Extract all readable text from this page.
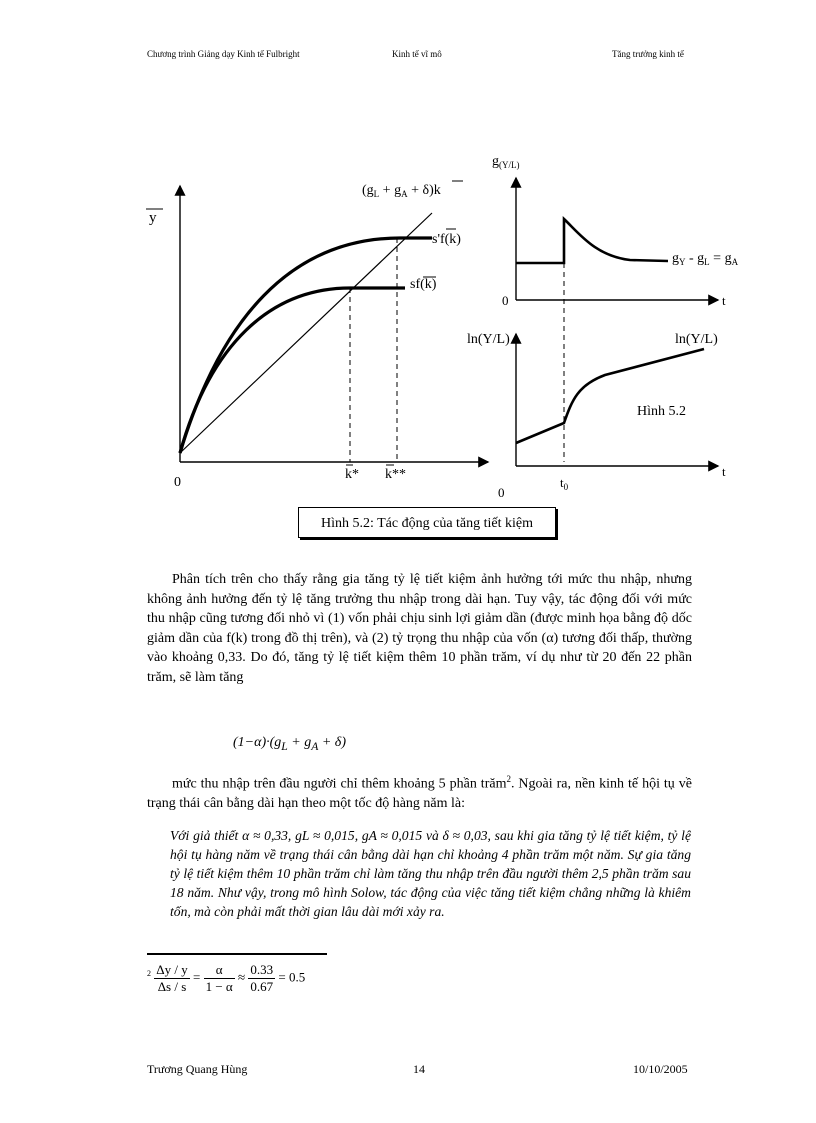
Chương trình Giảng dạy Kinh tế Fulbright	Kinh tế vĩ mô	Tăng trưởng kinh tế
y
0
$(g_L + g_A + \delta)k$
s'f(k)
sf(k)
k* k**
$g_{(Y/L)}$
$g_Y - g_L = g_A$
0	t
ln(Y/L)	ln(Y/L)
Hình 5.2
0
t
$t_0$
Hình 5.2: Tác động của tăng tiết kiệm

Phân tích trên cho thấy rằng gia tăng tỷ lệ tiết kiệm ảnh hưởng tới mức thu nhập, nhưng không ảnh hưởng đến tỷ lệ tăng trưởng thu nhập trong dài hạn. Tuy vậy, tác động đối với mức thu nhập cũng tương đối nhỏ vì (1) vốn phải chịu sinh lợi giảm dần (được minh họa bằng độ dốc giảm dần của f(k) trong đồ thị trên), và (2) tỷ trọng thu nhập của vốn (α) tương đối thấp, thường vào khoảng 0,33. Do đó, tăng tỷ lệ tiết kiệm thêm 10 phần trăm, ví dụ như từ 20 đến 22 phần trăm, sẽ làm tăng

$(1-\alpha)\cdot(g_L + g_A + \delta)$

mức thu nhập trên đầu người chỉ thêm khoảng 5 phần trăm$^2$. Ngoài ra, nền kinh tế hội tụ về trạng thái cân bằng dài hạn theo một tốc độ hàng năm là:

Với giả thiết α ≈ 0,33, gL ≈ 0,015, gA ≈ 0,015 và δ ≈ 0,03, sau khi gia tăng tỷ lệ tiết kiệm, tỷ lệ hội tụ hàng năm về trạng thái cân bằng dài hạn chỉ khoảng 4 phần trăm một năm. Sự gia tăng tỷ lệ tiết kiệm thêm 10 phần trăm chỉ làm tăng thu nhập trên đầu người thêm 2,5 phần trăm sau 18 năm. Như vậy, trong mô hình Solow, tác động của việc tăng tiết kiệm chẳng những là khiêm tốn, mà còn phải mất thời gian lâu dài mới xảy ra.

$^2 \frac{\Delta y / y}{\Delta s / s} = \frac{\alpha}{1 - \alpha} \approx \frac{0.33}{0.67} = 0.5$
Trương Quang Hùng	14	10/10/2005
